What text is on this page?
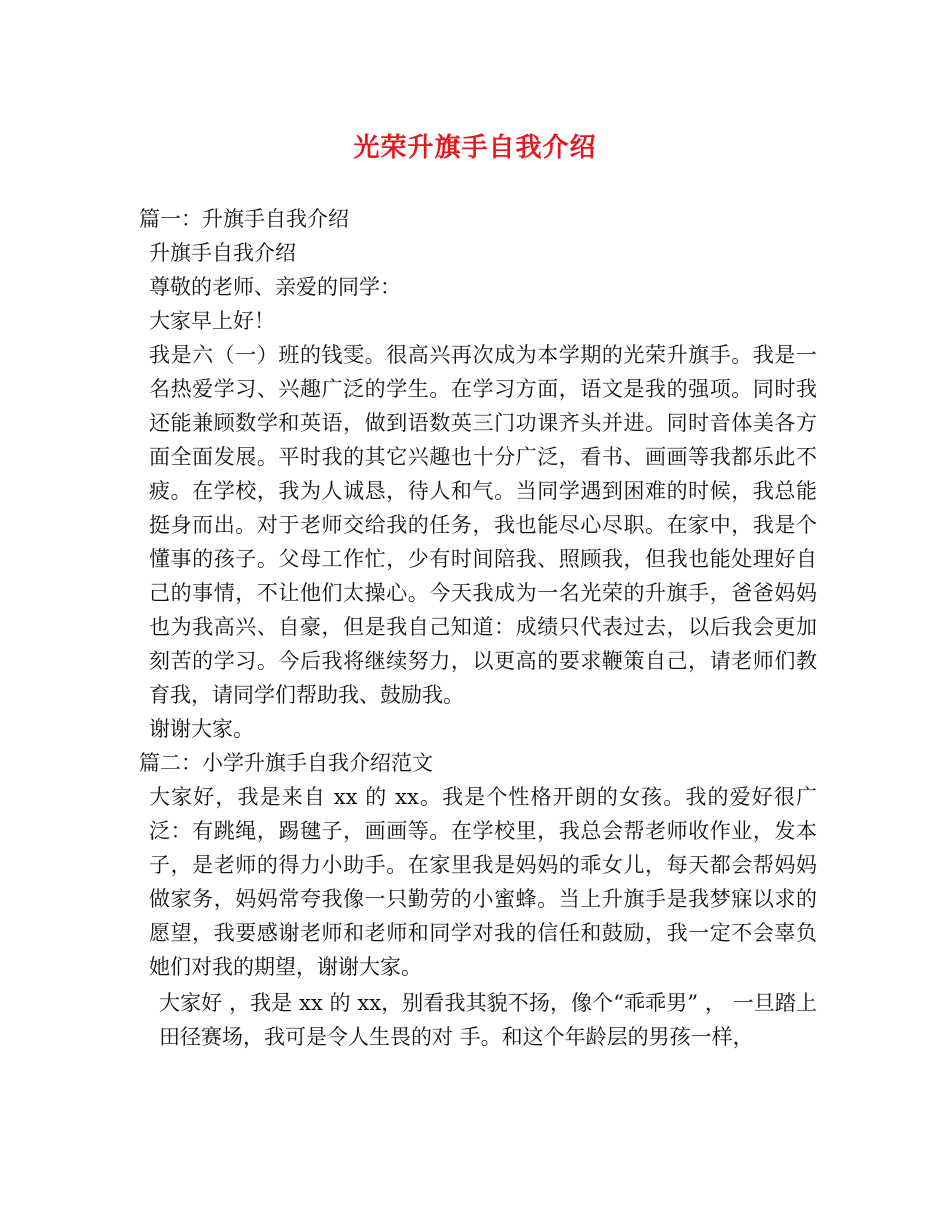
光荣升旗手自我介绍

篇一：升旗手自我介绍

升旗手自我介绍

尊敬的老师、亲爱的同学：

大家早上好！

我是六（一）班的钱雯。很高兴再次成为本学期的光荣升旗手。我是一名热爱学习、兴趣广泛的学生。在学习方面，语文是我的强项。同时我还能兼顾数学和英语，做到语数英三门功课齐头并进。同时音体美各方面全面发展。平时我的其它兴趣也十分广泛，看书、画画等我都乐此不疲。在学校，我为人诚恳，待人和气。当同学遇到困难的时候，我总能挺身而出。对于老师交给我的任务，我也能尽心尽职。在家中，我是个懂事的孩子。父母工作忙，少有时间陪我、照顾我，但我也能处理好自己的事情，不让他们太操心。今天我成为一名光荣的升旗手，爸爸妈妈也为我高兴、自豪，但是我自己知道：成绩只代表过去，以后我会更加刻苦的学习。今后我将继续努力，以更高的要求鞭策自己，请老师们教育我，请同学们帮助我、鼓励我。

谢谢大家。

篇二：小学升旗手自我介绍范文

大家好，我是来自 xx 的 xx。我是个性格开朗的女孩。我的爱好很广泛：有跳绳，踢毽子，画画等。在学校里，我总会帮老师收作业，发本子，是老师的得力小助手。在家里我是妈妈的乖女儿，每天都会帮妈妈做家务，妈妈常夸我像一只勤劳的小蜜蜂。当上升旗手是我梦寐以求的愿望，我要感谢老师和老师和同学对我的信任和鼓励，我一定不会辜负她们对我的期望，谢谢大家。

大家好 ，我是 xx 的 xx，别看我其貌不扬，像个“乖乖男” ， 一旦踏上田径赛场，我可是令人生畏的对 手。和这个年龄层的男孩一样，
